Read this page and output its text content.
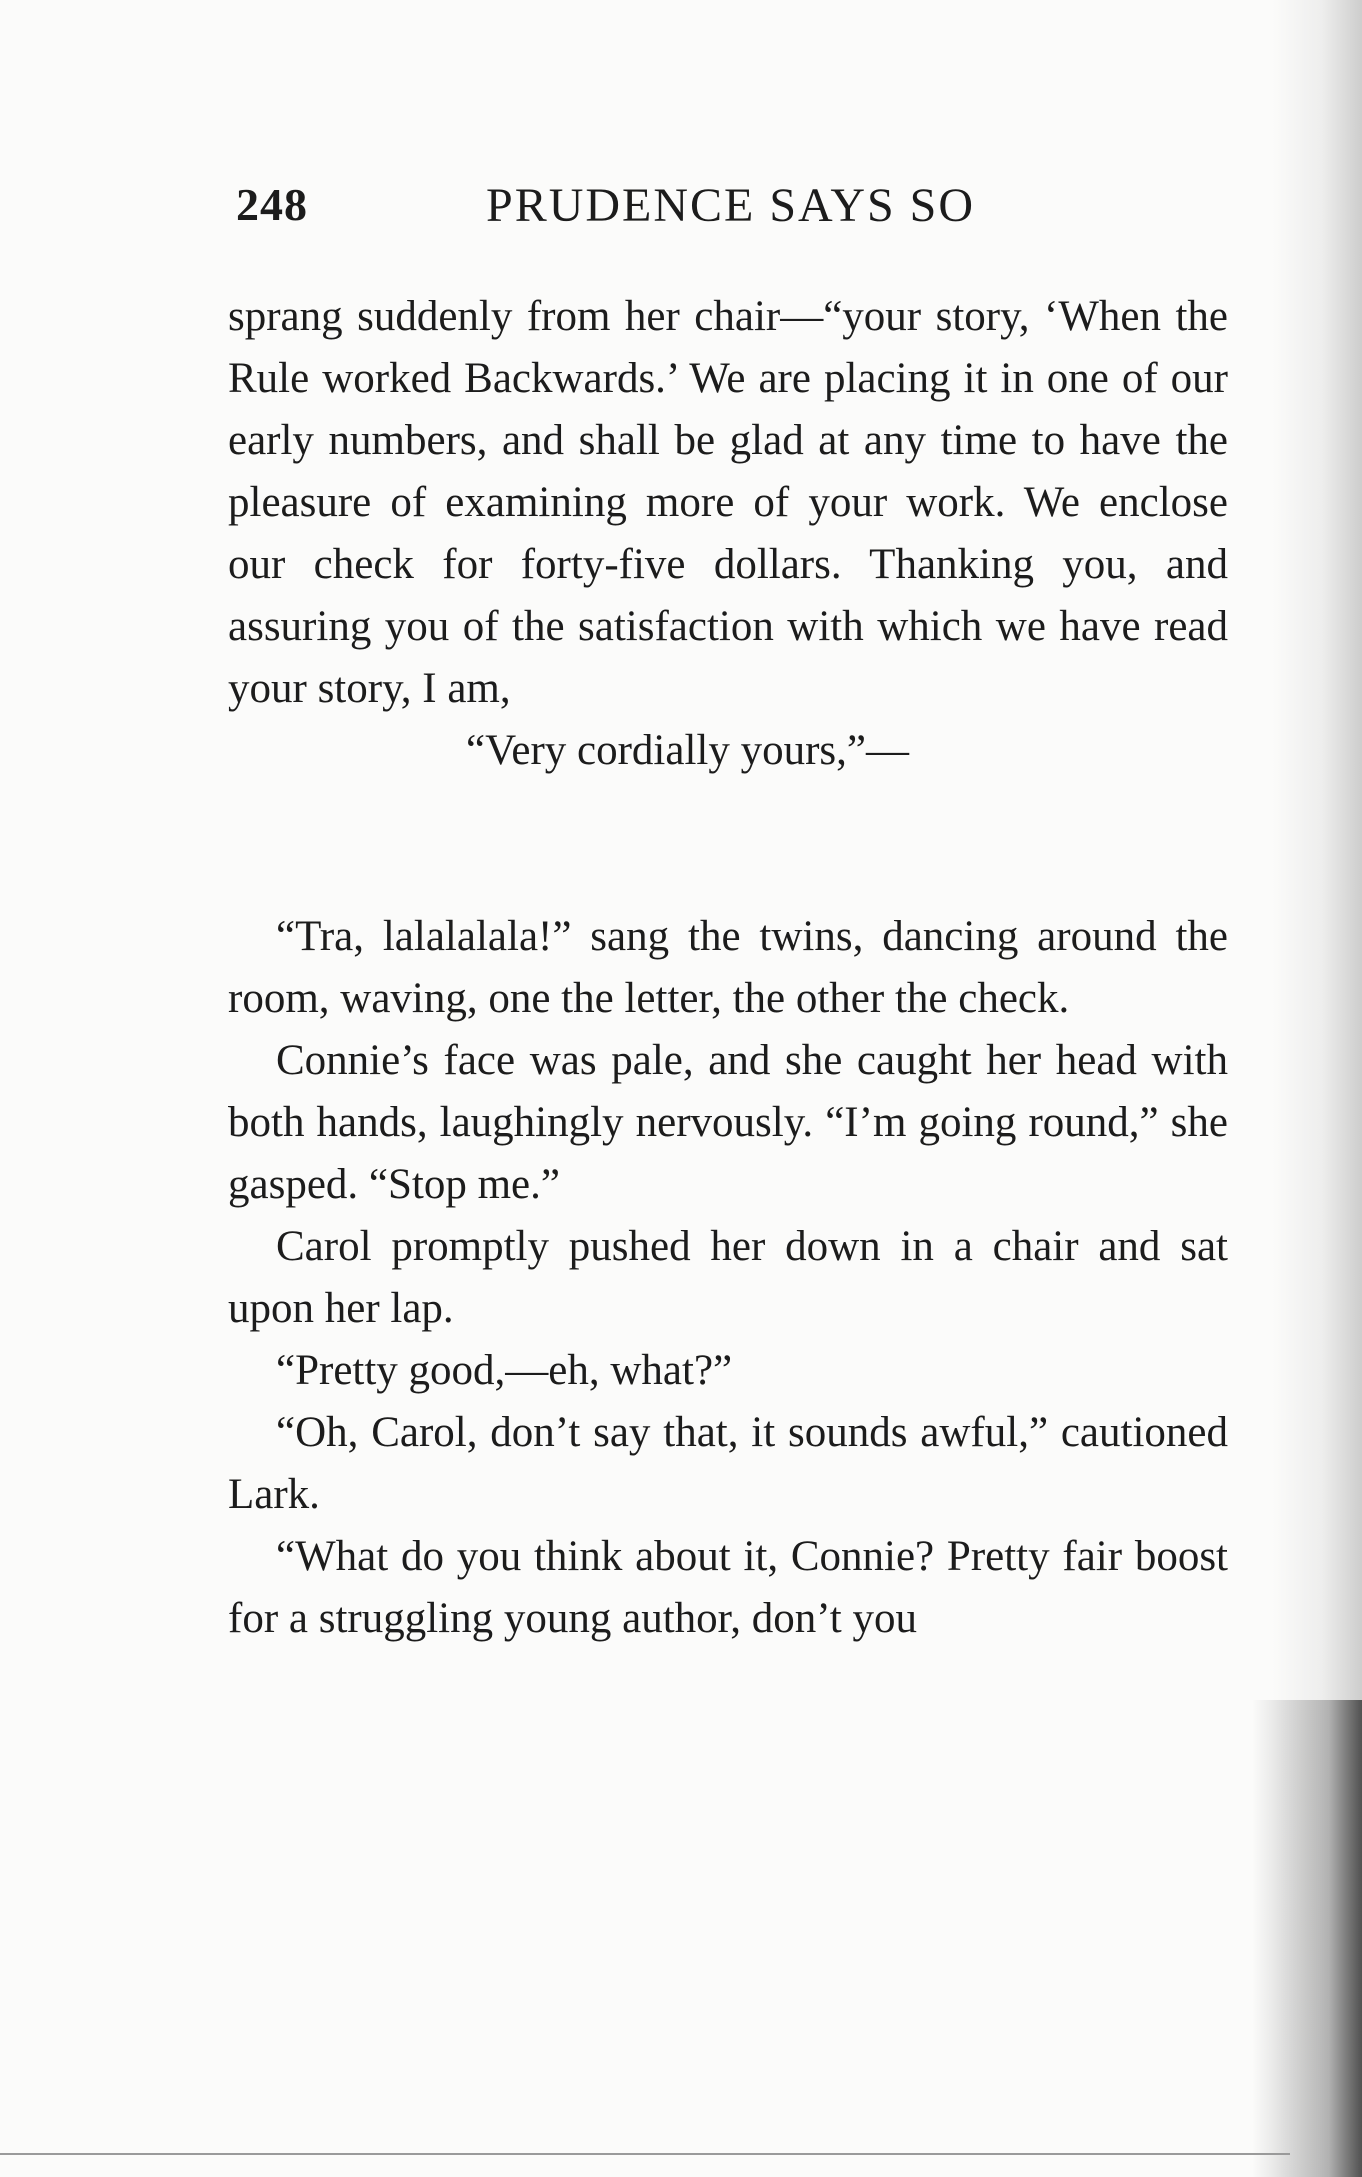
248	PRUDENCE SAYS SO

sprang suddenly from her chair—“your story, ‘When the Rule worked Backwards.’ We are placing it in one of our early numbers, and shall be glad at any time to have the pleasure of examining more of your work. We enclose our check for forty-five dollars. Thanking you, and assuring you of the satisfaction with which we have read your story, I am,

“Very cordially yours,”—

“Tra, lalalalala!” sang the twins, dancing around the room, waving, one the letter, the other the check.

Connie’s face was pale, and she caught her head with both hands, laughingly nervously. “I’m going round,” she gasped. “Stop me.”

Carol promptly pushed her down in a chair and sat upon her lap.

“Pretty good,—eh, what?”

“Oh, Carol, don’t say that, it sounds awful,” cautioned Lark.

“What do you think about it, Connie? Pretty fair boost for a struggling young author, don’t you
